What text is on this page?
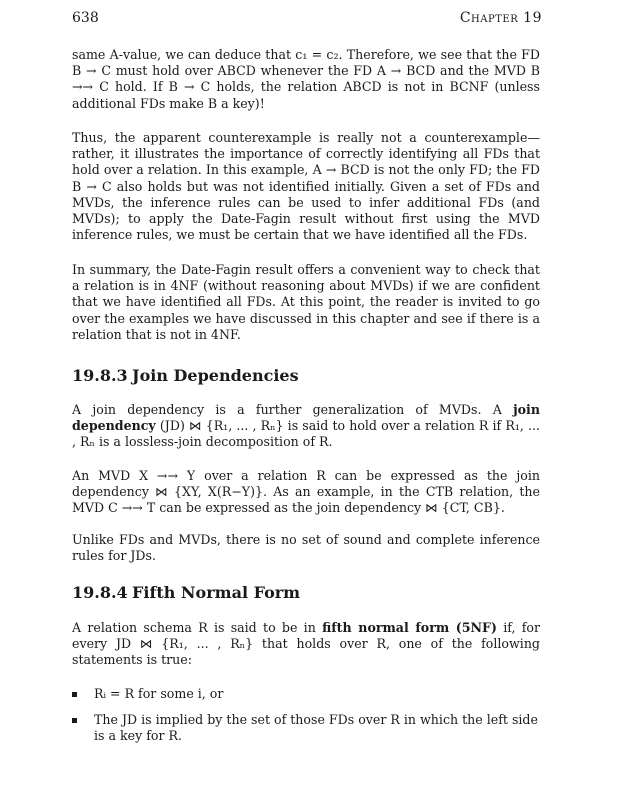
638	Chapter 19

same A-value, we can deduce that c₁ = c₂. Therefore, we see that the FD B → C must hold over ABCD whenever the FD A → BCD and the MVD B →→ C hold. If B → C holds, the relation ABCD is not in BCNF (unless additional FDs make B a key)!

Thus, the apparent counterexample is really not a counterexample—rather, it illustrates the importance of correctly identifying all FDs that hold over a relation. In this example, A → BCD is not the only FD; the FD B → C also holds but was not identified initially. Given a set of FDs and MVDs, the inference rules can be used to infer additional FDs (and MVDs); to apply the Date-Fagin result without first using the MVD inference rules, we must be certain that we have identified all the FDs.

In summary, the Date-Fagin result offers a convenient way to check that a relation is in 4NF (without reasoning about MVDs) if we are confident that we have identified all FDs. At this point, the reader is invited to go over the examples we have discussed in this chapter and see if there is a relation that is not in 4NF.

19.8.3 Join Dependencies

A join dependency is a further generalization of MVDs. A join dependency (JD) ⋈ {R₁, ... , Rₙ} is said to hold over a relation R if R₁, ... , Rₙ is a lossless-join decomposition of R.

An MVD X →→ Y over a relation R can be expressed as the join dependency ⋈ {XY, X(R−Y)}. As an example, in the CTB relation, the MVD C →→ T can be expressed as the join dependency ⋈ {CT, CB}.

Unlike FDs and MVDs, there is no set of sound and complete inference rules for JDs.

19.8.4 Fifth Normal Form

A relation schema R is said to be in fifth normal form (5NF) if, for every JD ⋈ {R₁, ... , Rₙ} that holds over R, one of the following statements is true:

Rᵢ = R for some i, or
The JD is implied by the set of those FDs over R in which the left side is a key for R.
